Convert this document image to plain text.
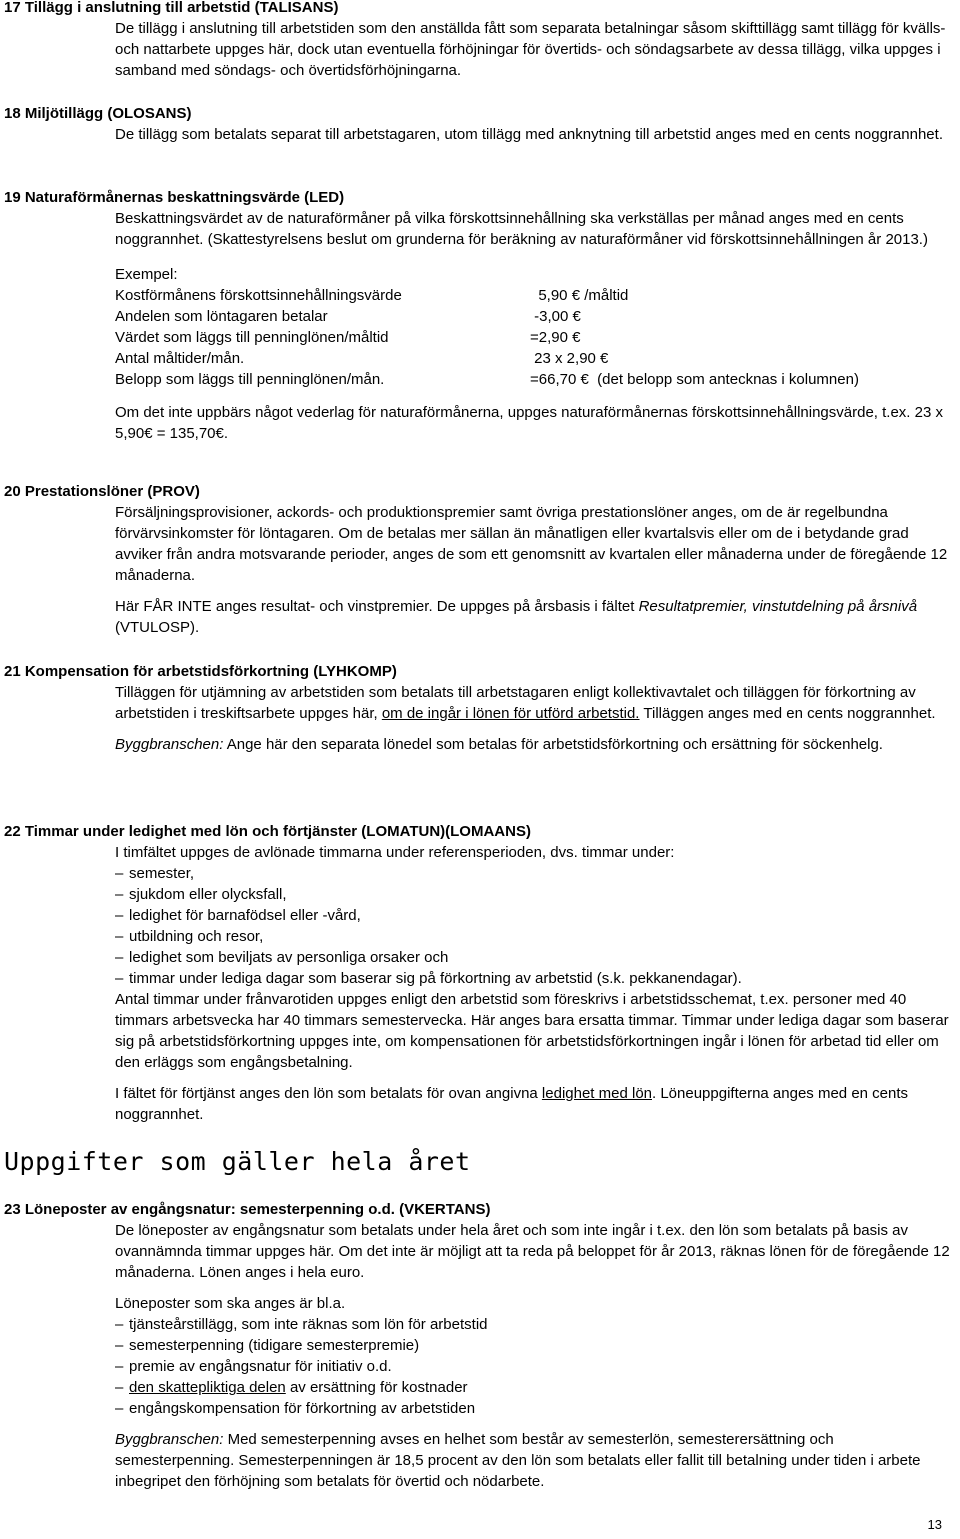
17 Tillägg i anslutning till arbetstid (TALISANS)

De tillägg i anslutning till arbetstiden som den anställda fått som separata betalningar såsom skifttillägg samt tillägg för kvälls- och nattarbete uppges här, dock utan eventuella förhöjningar för övertids- och söndagsarbete av dessa tillägg, vilka uppges i samband med söndags- och övertidsförhöjningarna.

18 Miljötillägg (OLOSANS)

De tillägg som betalats separat till arbetstagaren, utom tillägg med anknytning till arbetstid anges med en cents noggrannhet.

19 Naturaförmånernas beskattningsvärde (LED)

Beskattningsvärdet av de naturaförmåner på vilka förskottsinnehållning ska verkställas per månad anges med en cents noggrannhet. (Skattestyrelsens beslut om grunderna för beräkning av naturaförmåner vid förskottsinnehållningen år 2013.)

Exempel:

Kostförmånens förskottsinnehållningsvärde	5,90 € /måltid
Andelen som löntagaren betalar	-3,00 €
Värdet som läggs till penninglönen/måltid	=2,90 €
Antal måltider/mån.	23 x 2,90 €
Belopp som läggs till penninglönen/mån.	=66,70 €  (det belopp som antecknas i kolumnen)

Om det inte uppbärs något vederlag för naturaförmånerna, uppges naturaförmånernas förskottsinnehållningsvärde, t.ex. 23 x 5,90€ = 135,70€.

20 Prestationslöner (PROV)

Försäljningsprovisioner, ackords- och produktionspremier samt övriga prestationslöner anges, om de är regelbundna förvärvsinkomster för löntagaren. Om de betalas mer sällan än månatligen eller kvartalsvis eller om de i betydande grad avviker från andra motsvarande perioder, anges de som ett genomsnitt av kvartalen eller månaderna under de föregående 12 månaderna.

Här FÅR INTE anges resultat- och vinstpremier. De uppges på årsbasis i fältet Resultatpremier, vinstutdelning på årsnivå (VTULOSP).

21 Kompensation för arbetstidsförkortning (LYHKOMP)

Tilläggen för utjämning av arbetstiden som betalats till arbetstagaren enligt kollektivavtalet och tilläggen för förkortning av arbetstiden i treskiftsarbete uppges här, om de ingår i lönen för utförd arbetstid. Tilläggen anges med en cents noggrannhet.

Byggbranschen: Ange här den separata lönedel som betalas för arbetstidsförkortning och ersättning för söckenhelg.

22 Timmar under ledighet med lön och förtjänster (LOMATUN)(LOMAANS)

I timfältet uppges de avlönade timmarna under referensperioden, dvs. timmar under:

– semester,
– sjukdom eller olycksfall,
– ledighet för barnafödsel eller -vård,
– utbildning och resor,
– ledighet som beviljats av personliga orsaker och
– timmar under lediga dagar som baserar sig på förkortning av arbetstid (s.k. pekkanendagar).

Antal timmar under frånvarotiden uppges enligt den arbetstid som föreskrivs i arbetstidsschemat, t.ex. personer med 40 timmars arbetsvecka har 40 timmars semestervecka. Här anges bara ersatta timmar. Timmar under lediga dagar som baserar sig på arbetstidsförkortning uppges inte, om kompensationen för arbetstidsförkortningen ingår i lönen för arbetad tid eller om den erläggs som engångsbetalning.

I fältet för förtjänst anges den lön som betalats för ovan angivna ledighet med lön. Löneuppgifterna anges med en cents noggrannhet.

Uppgifter som gäller hela året

23 Löneposter av engångsnatur: semesterpenning o.d. (VKERTANS)

De löneposter av engångsnatur som betalats under hela året och som inte ingår i t.ex. den lön som betalats på basis av ovannämnda timmar uppges här. Om det inte är möjligt att ta reda på beloppet för år 2013, räknas lönen för de föregående 12 månaderna. Lönen anges i hela euro.

Löneposter som ska anges är bl.a.

– tjänsteårstillägg, som inte räknas som lön för arbetstid
– semesterpenning (tidigare semesterpremie)
– premie av engångsnatur för initiativ o.d.
– den skattepliktiga delen av ersättning för kostnader
– engångskompensation för förkortning av arbetstiden

Byggbranschen: Med semesterpenning avses en helhet som består av semesterlön, semesterersättning och semesterpenning. Semesterpenningen är 18,5 procent av den lön som betalats eller fallit till betalning under tiden i arbete inbegripet den förhöjning som betalats för övertid och nödarbete.

13
